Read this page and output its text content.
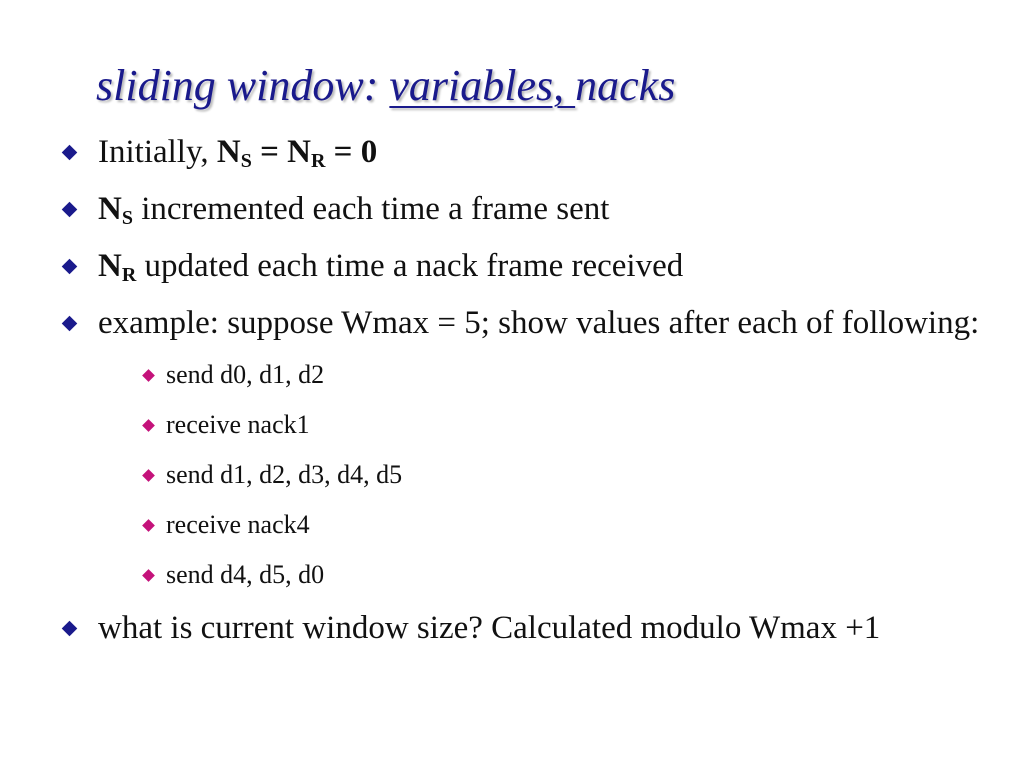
sliding window: variables, nacks
Initially, $N_S = N_R = 0$
$N_S$ incremented each time a frame sent
$N_R$ updated each time a nack frame received
example: suppose Wmax = 5; show values after each of following:
send d0, d1, d2
receive nack1
send d1, d2, d3, d4, d5
receive nack4
send d4, d5, d0
what is current window size? Calculated modulo Wmax +1
